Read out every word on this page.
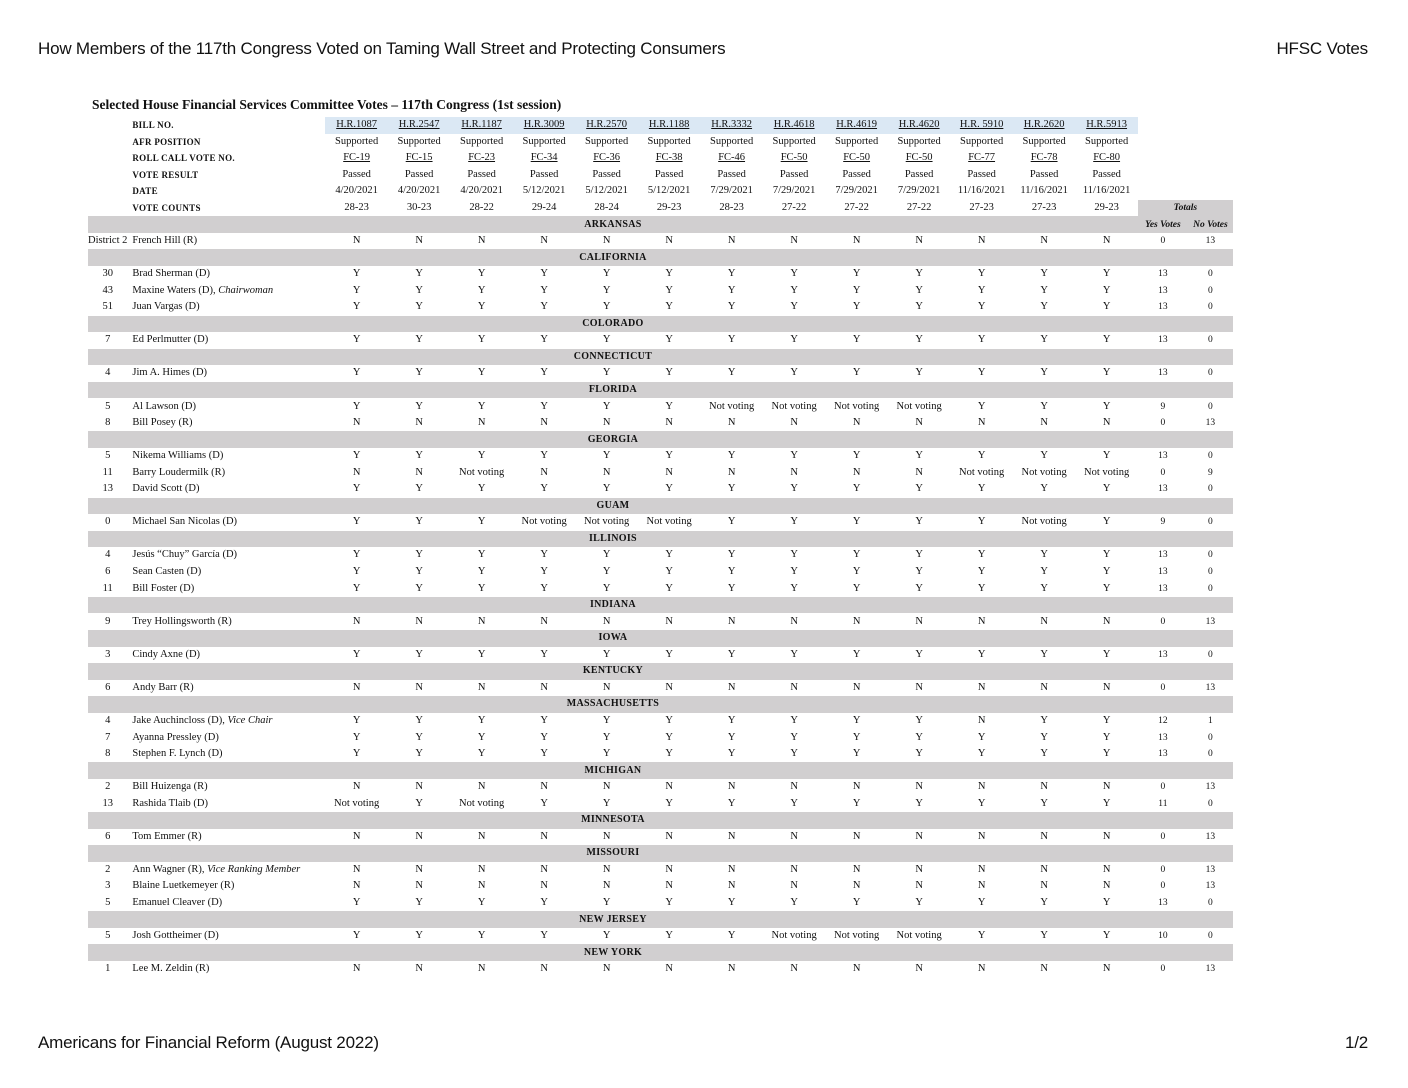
How Members of the 117th Congress Voted on Taming Wall Street and Protecting Consumers	HFSC Votes
Selected House Financial Services Committee Votes – 117th Congress (1st session)
	BILL NO.	H.R.1087	H.R.2547	H.R.1187	H.R.3009	H.R.2570	H.R.1188	H.R.3332	H.R.4618	H.R.4619	H.R.4620	H.R. 5910	H.R.2620	H.R.5913		
	AFR POSITION	Supported	Supported	Supported	Supported	Supported	Supported	Supported	Supported	Supported	Supported	Supported	Supported	Supported		
	ROLL CALL VOTE NO.	FC-19	FC-15	FC-23	FC-34	FC-36	FC-38	FC-46	FC-50	FC-50	FC-50	FC-77	FC-78	FC-80		
	VOTE RESULT	Passed	Passed	Passed	Passed	Passed	Passed	Passed	Passed	Passed	Passed	Passed	Passed	Passed		
	DATE	4/20/2021	4/20/2021	4/20/2021	5/12/2021	5/12/2021	5/12/2021	7/29/2021	7/29/2021	7/29/2021	7/29/2021	11/16/2021	11/16/2021	11/16/2021		
	VOTE COUNTS	28-23	30-23	28-22	29-24	28-24	29-23	28-23	27-22	27-22	27-22	27-23	27-23	29-23	Totals	
ARKANSAS															Yes Votes	No Votes
District 2	French Hill (R)	N	N	N	N	N	N	N	N	N	N	N	N	N	0	13
CALIFORNIA																
30	Brad Sherman (D)	Y	Y	Y	Y	Y	Y	Y	Y	Y	Y	Y	Y	Y	13	0
43	Maxine Waters (D), Chairwoman	Y	Y	Y	Y	Y	Y	Y	Y	Y	Y	Y	Y	Y	13	0
51	Juan Vargas (D)	Y	Y	Y	Y	Y	Y	Y	Y	Y	Y	Y	Y	Y	13	0
COLORADO																
7	Ed Perlmutter (D)	Y	Y	Y	Y	Y	Y	Y	Y	Y	Y	Y	Y	Y	13	0
CONNECTICUT																
4	Jim A. Himes (D)	Y	Y	Y	Y	Y	Y	Y	Y	Y	Y	Y	Y	Y	13	0
FLORIDA																
5	Al Lawson (D)	Y	Y	Y	Y	Y	Y	Not voting	Not voting	Not voting	Not voting	Y	Y	Y	9	0
8	Bill Posey (R)	N	N	N	N	N	N	N	N	N	N	N	N	N	0	13
GEORGIA																
5	Nikema Williams (D)	Y	Y	Y	Y	Y	Y	Y	Y	Y	Y	Y	Y	Y	13	0
11	Barry Loudermilk (R)	N	N	Not voting	N	N	N	N	N	N	N	Not voting	Not voting	Not voting	0	9
13	David Scott (D)	Y	Y	Y	Y	Y	Y	Y	Y	Y	Y	Y	Y	Y	13	0
GUAM																
0	Michael San Nicolas (D)	Y	Y	Y	Not voting	Not voting	Not voting	Y	Y	Y	Y	Y	Not voting	Y	9	0
ILLINOIS																
4	Jesús “Chuy” García (D)	Y	Y	Y	Y	Y	Y	Y	Y	Y	Y	Y	Y	Y	13	0
6	Sean Casten (D)	Y	Y	Y	Y	Y	Y	Y	Y	Y	Y	Y	Y	Y	13	0
11	Bill Foster (D)	Y	Y	Y	Y	Y	Y	Y	Y	Y	Y	Y	Y	Y	13	0
INDIANA																
9	Trey Hollingsworth (R)	N	N	N	N	N	N	N	N	N	N	N	N	N	0	13
IOWA																
3	Cindy Axne (D)	Y	Y	Y	Y	Y	Y	Y	Y	Y	Y	Y	Y	Y	13	0
KENTUCKY																
6	Andy Barr (R)	N	N	N	N	N	N	N	N	N	N	N	N	N	0	13
MASSACHUSETTS																
4	Jake Auchincloss (D), Vice Chair	Y	Y	Y	Y	Y	Y	Y	Y	Y	Y	N	Y	Y	12	1
7	Ayanna Pressley (D)	Y	Y	Y	Y	Y	Y	Y	Y	Y	Y	Y	Y	Y	13	0
8	Stephen F. Lynch (D)	Y	Y	Y	Y	Y	Y	Y	Y	Y	Y	Y	Y	Y	13	0
MICHIGAN																
2	Bill Huizenga (R)	N	N	N	N	N	N	N	N	N	N	N	N	N	0	13
13	Rashida Tlaib (D)	Not voting	Y	Not voting	Y	Y	Y	Y	Y	Y	Y	Y	Y	Y	11	0
MINNESOTA																
6	Tom Emmer (R)	N	N	N	N	N	N	N	N	N	N	N	N	N	0	13
MISSOURI																
2	Ann Wagner (R), Vice Ranking Member	N	N	N	N	N	N	N	N	N	N	N	N	N	0	13
3	Blaine Luetkemeyer (R)	N	N	N	N	N	N	N	N	N	N	N	N	N	0	13
5	Emanuel Cleaver (D)	Y	Y	Y	Y	Y	Y	Y	Y	Y	Y	Y	Y	Y	13	0
NEW JERSEY																
5	Josh Gottheimer (D)	Y	Y	Y	Y	Y	Y	Y	Not voting	Not voting	Not voting	Y	Y	Y	10	0
NEW YORK																
1	Lee M. Zeldin (R)	N	N	N	N	N	N	N	N	N	N	N	N	N	0	13
Americans for Financial Reform (August 2022)	1/2
